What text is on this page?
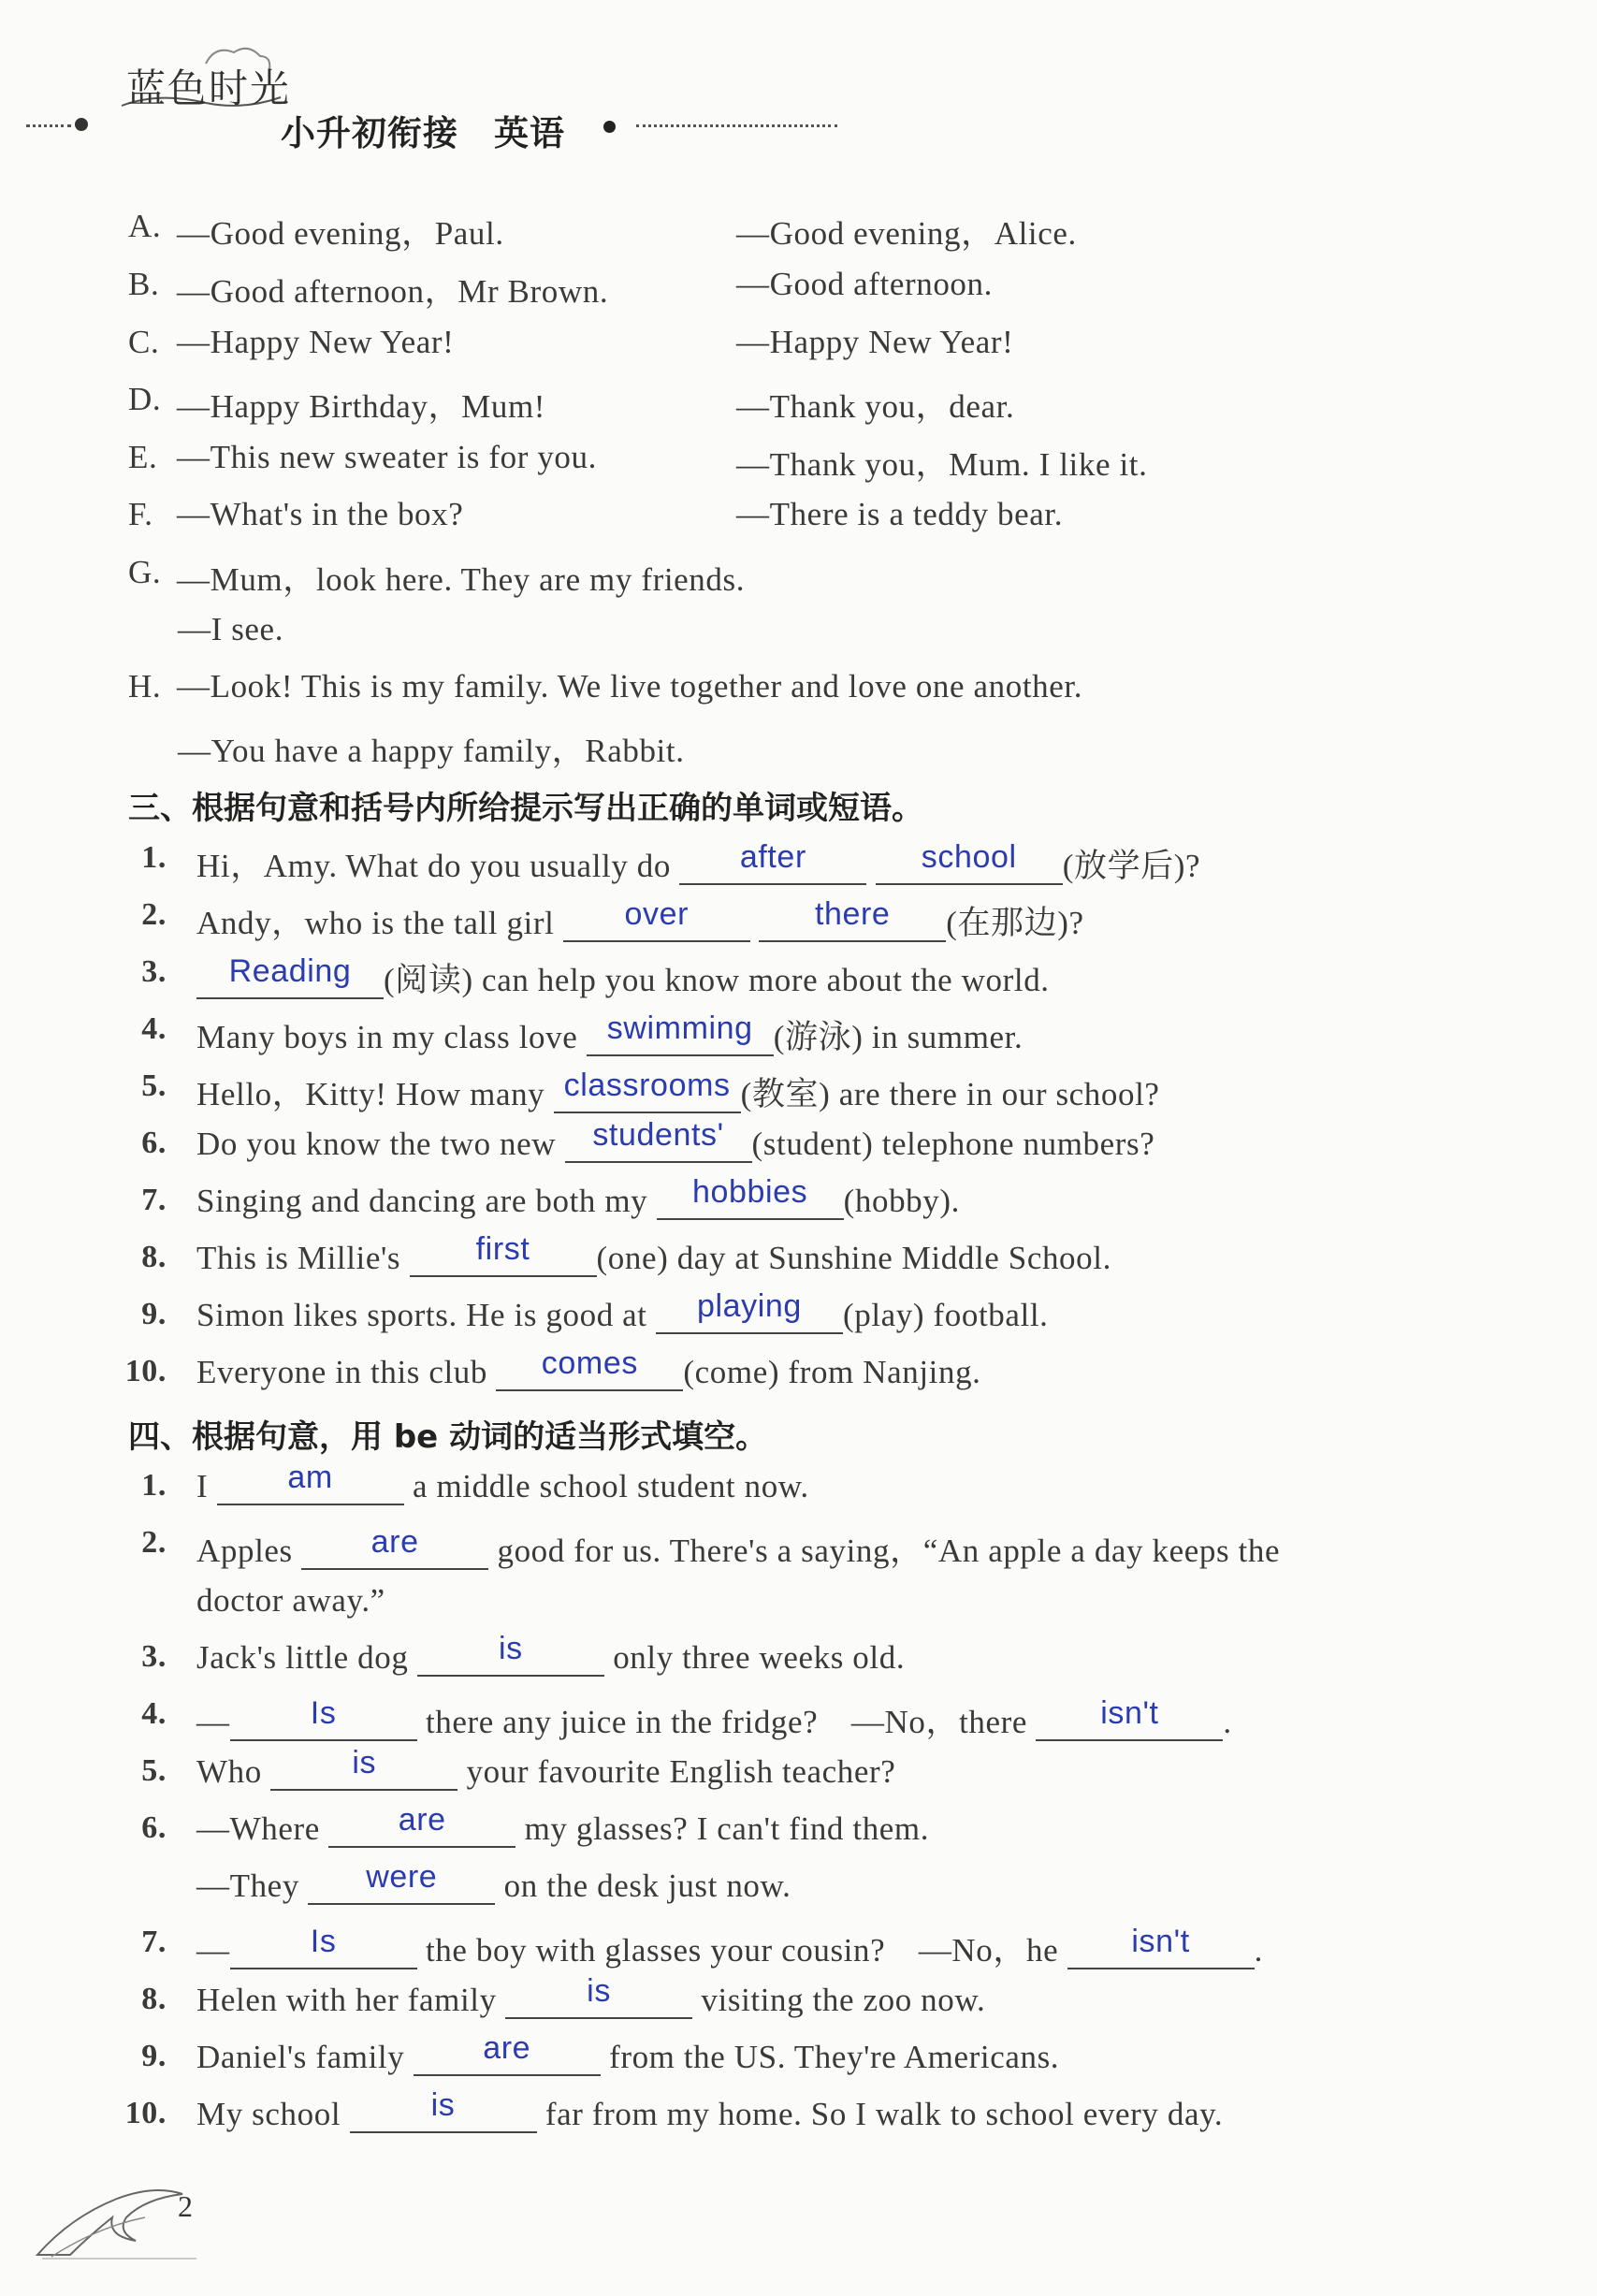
蓝色时光
小升初衔接　英语
A. —Good evening，Paul.	—Good evening，Alice.
B. —Good afternoon，Mr Brown.	—Good afternoon.
C. —Happy New Year!	—Happy New Year!
D. —Happy Birthday，Mum!	—Thank you，dear.
E. —This new sweater is for you.	—Thank you，Mum. I like it.
F. —What's in the box?	—There is a teddy bear.
G. —Mum，look here. They are my friends.
—I see.
H. —Look! This is my family. We live together and love one another.
—You have a happy family，Rabbit.
三、根据句意和括号内所给提示写出正确的单词或短语。
1. Hi，Amy. What do you usually do after	school (放学后)?
2. Andy，who is the tall girl over	there (在那边)?
3.	Reading (阅读) can help you know more about the world.
4. Many boys in my class love swimming (游泳) in summer.
5. Hello，Kitty! How many classrooms (教室) are there in our school?
6. Do you know the two new students' (student) telephone numbers?
7. Singing and dancing are both my hobbies (hobby).
8. This is Millie's first (one) day at Sunshine Middle School.
9. Simon likes sports. He is good at playing (play) football.
10. Everyone in this club comes (come) from Nanjing.
四、根据句意，用 be 动词的适当形式填空。
1. I	am a middle school student now.
2. Apples are good for us. There's a saying，“An apple a day keeps the
doctor away.”
3. Jack's little dog	is	only three weeks old.
4. —	Is	there any juice in the fridge?　—No，there isn't .
5. Who	is	your favourite English teacher?
6. —Where are my glasses? I can't find them.
—They were on the desk just now.
7. —	Is	the boy with glasses your cousin?　—No，he isn't .
8. Helen with her family	is	visiting the zoo now.
9. Daniel's family are from the US. They're Americans.
10. My school	is	far from my home. So I walk to school every day.
2
